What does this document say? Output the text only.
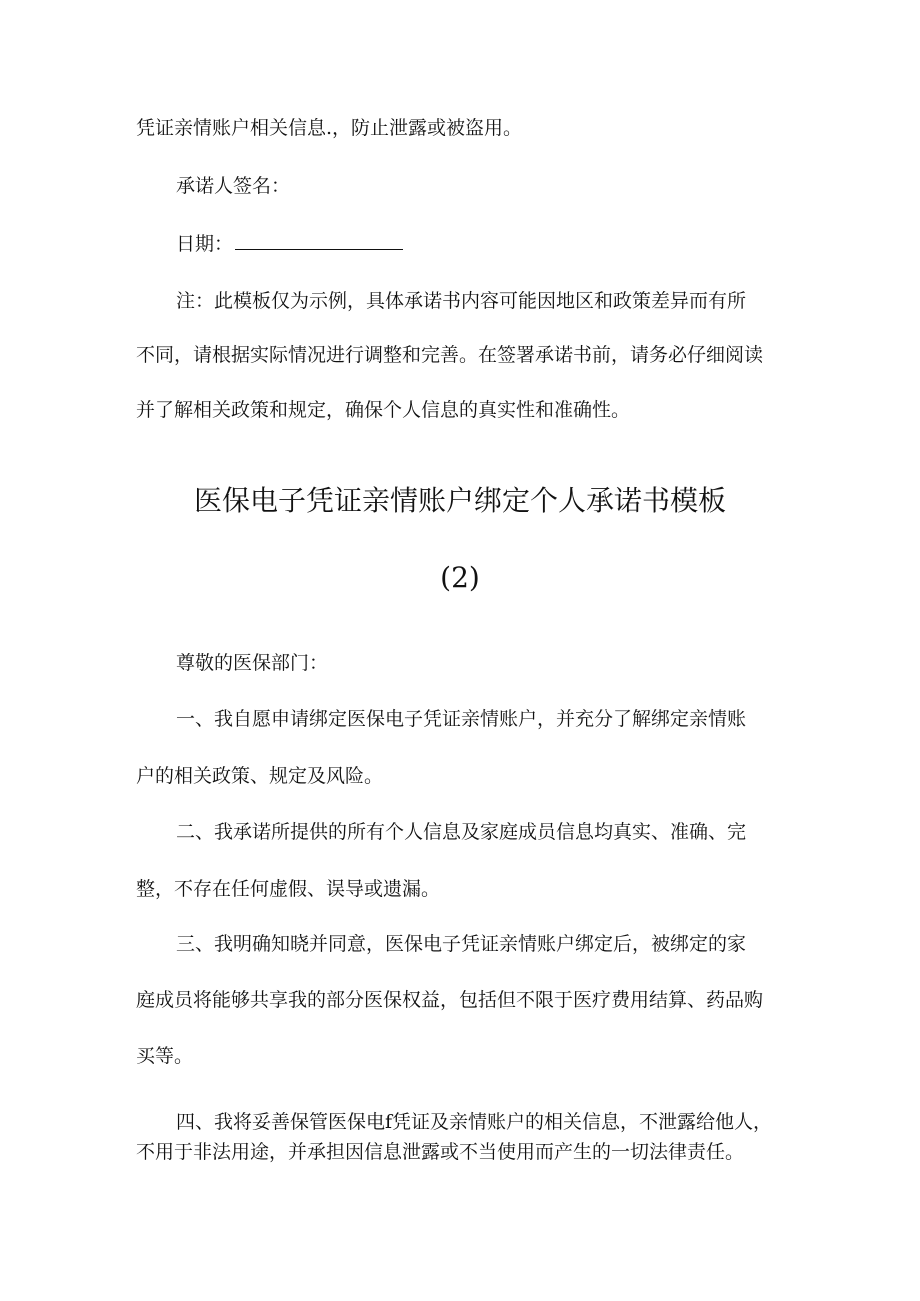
凭证亲情账户相关信息.，防止泄露或被盗用。
承诺人签名：
日期：
注：此模板仅为示例，具体承诺书内容可能因地区和政策差异而有所
不同，请根据实际情况进行调整和完善。在签署承诺书前，请务必仔细阅读
并了解相关政策和规定，确保个人信息的真实性和准确性。
医保电子凭证亲情账户绑定个人承诺书模板
(2)
尊敬的医保部门：
一、我自愿申请绑定医保电子凭证亲情账户，并充分了解绑定亲情账
户的相关政策、规定及风险。
二、我承诺所提供的所有个人信息及家庭成员信息均真实、准确、完
整，不存在任何虚假、误导或遗漏。
三、我明确知晓并同意，医保电子凭证亲情账户绑定后，被绑定的家
庭成员将能够共享我的部分医保权益，包括但不限于医疗费用结算、药品购
买等。
四、我将妥善保管医保电f凭证及亲情账户的相关信息，不泄露给他人，
不用于非法用途，并承担因信息泄露或不当使用而产生的一切法律责任。
